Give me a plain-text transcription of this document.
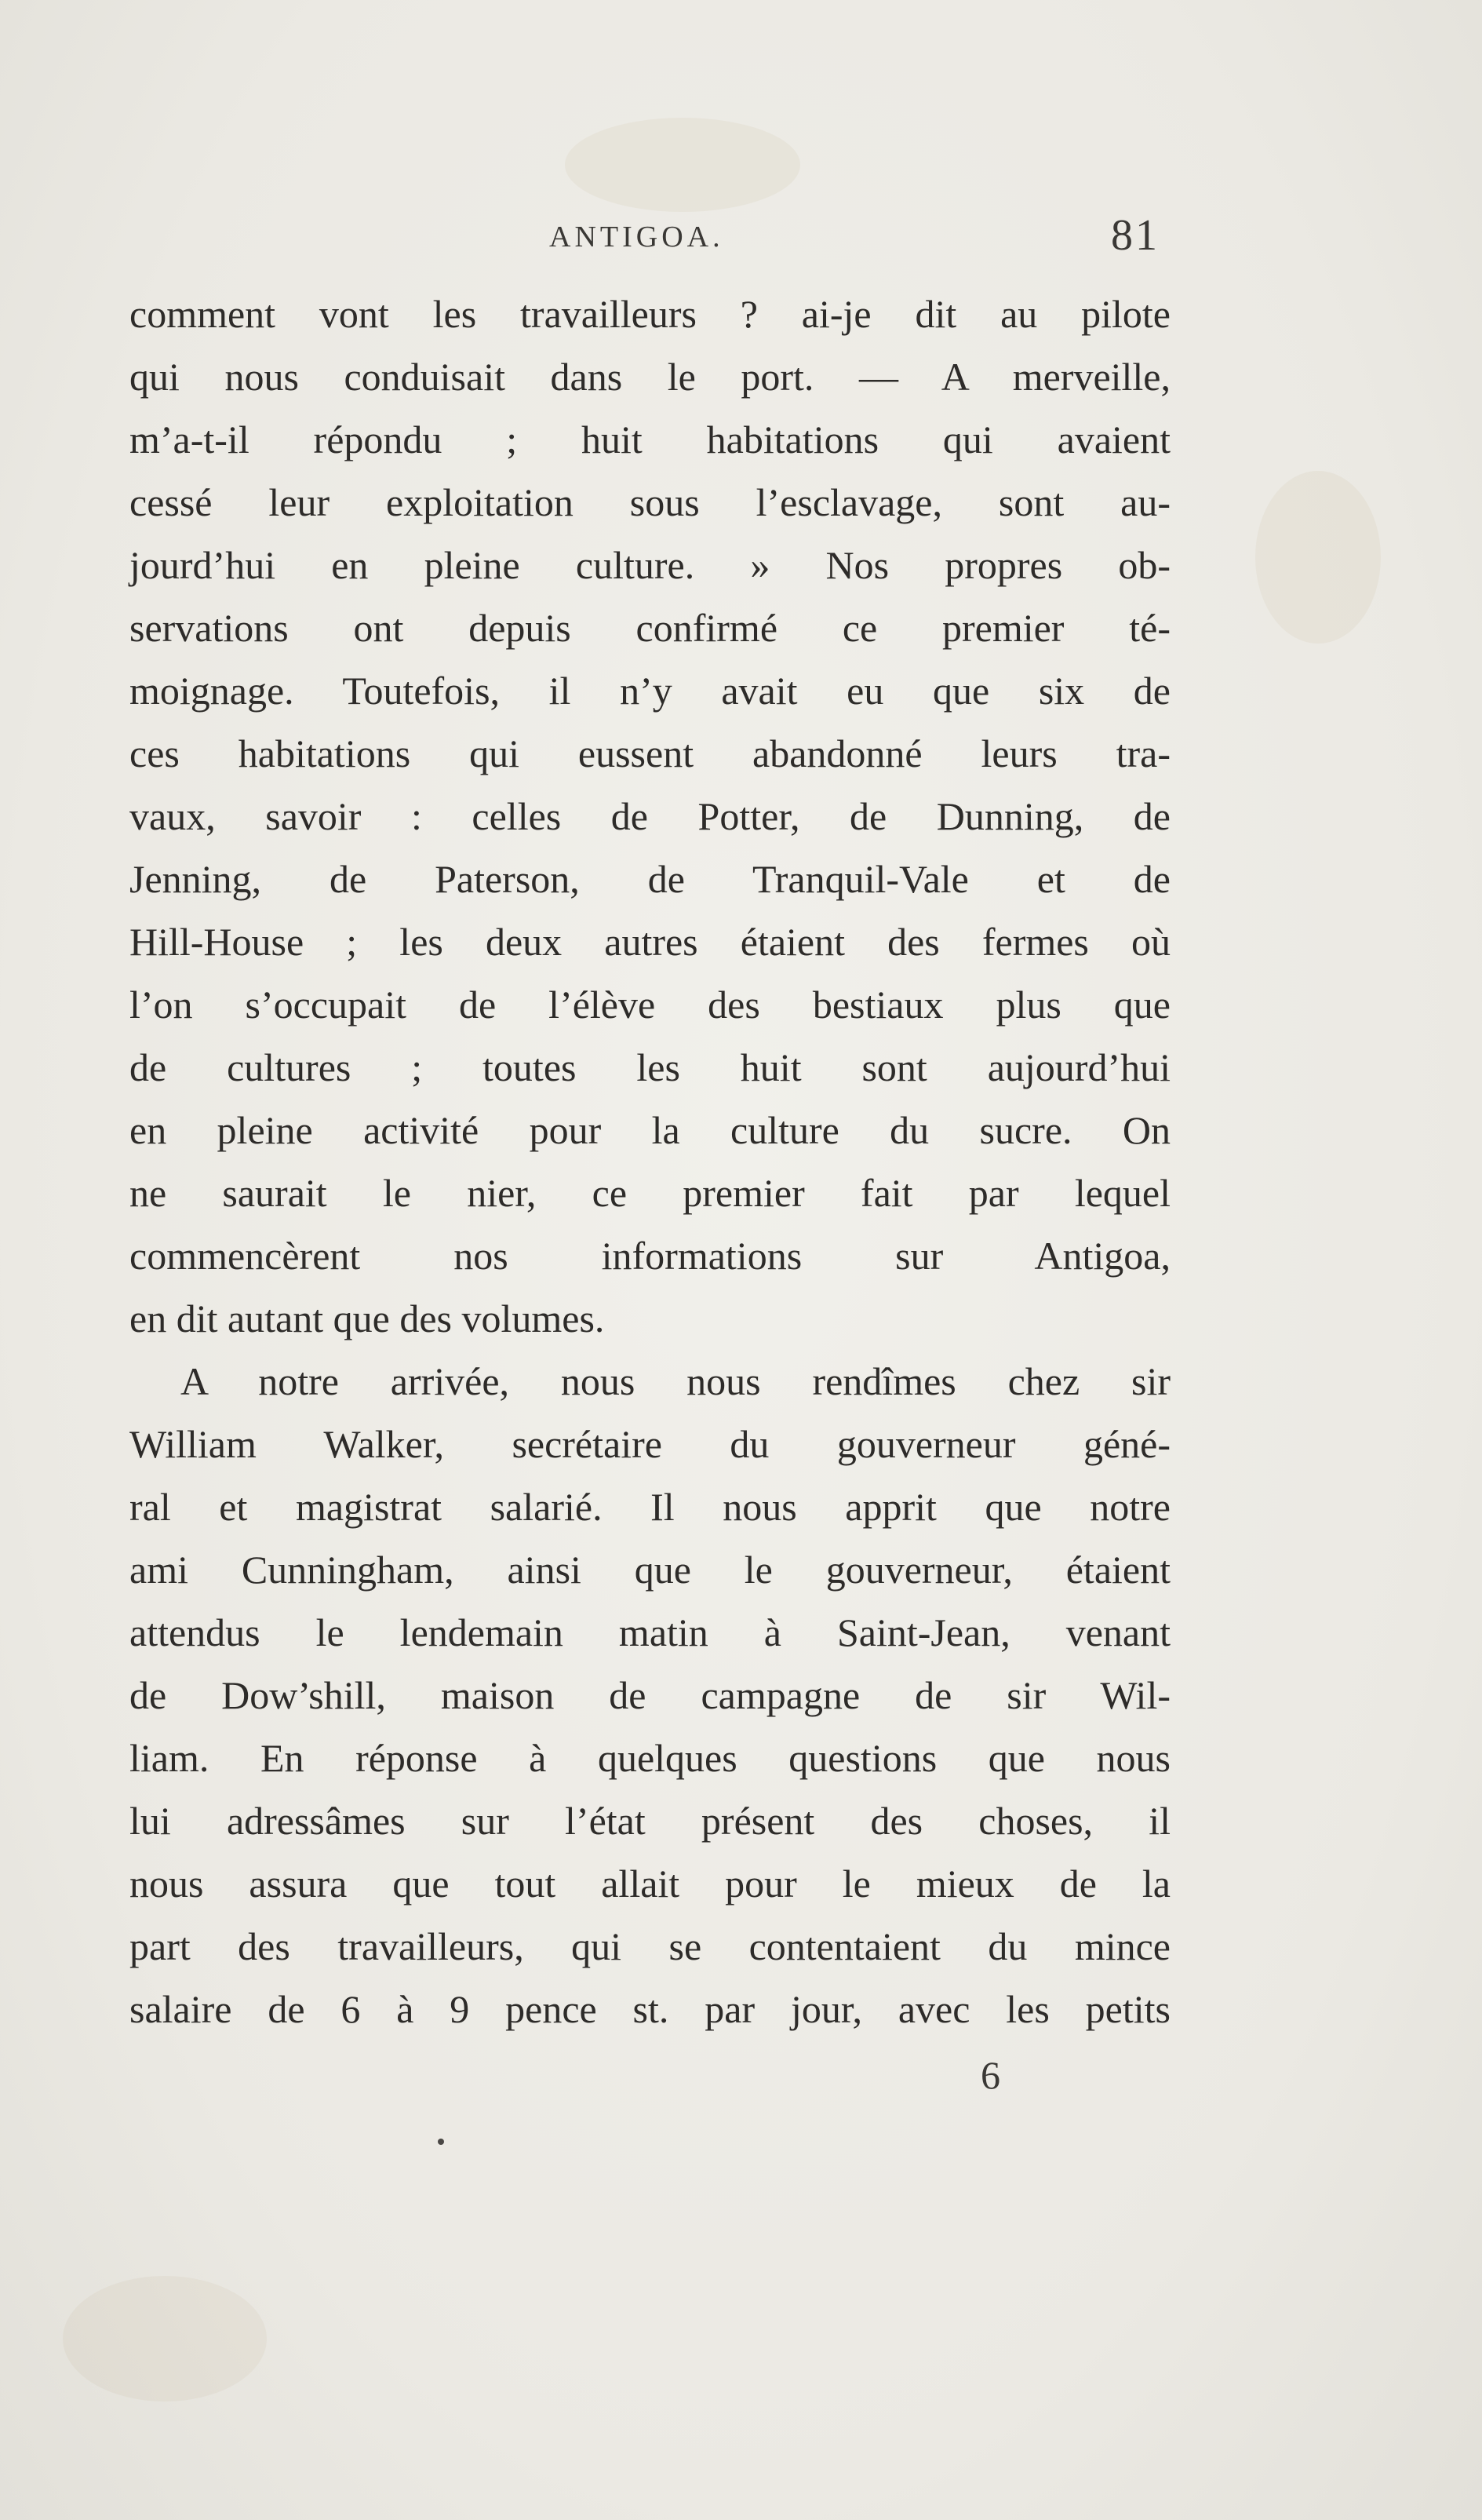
ANTIGOA.	81
comment vont les travailleurs ? ai-je dit au pilote
qui nous conduisait dans le port. — A merveille,
m’a-t-il répondu ; huit habitations qui avaient
cessé leur exploitation sous l’esclavage, sont au-
jourd’hui en pleine culture. » Nos propres ob-
servations ont depuis confirmé ce premier té-
moignage. Toutefois, il n’y avait eu que six de
ces habitations qui eussent abandonné leurs tra-
vaux, savoir : celles de Potter, de Dunning, de
Jenning, de Paterson, de Tranquil-Vale et de
Hill-House ; les deux autres étaient des fermes où
l’on s’occupait de l’élève des bestiaux plus que
de cultures ; toutes les huit sont aujourd’hui
en pleine activité pour la culture du sucre. On
ne saurait le nier, ce premier fait par lequel
commencèrent nos informations sur Antigoa,
en dit autant que des volumes.
A notre arrivée, nous nous rendîmes chez sir
William Walker, secrétaire du gouverneur géné-
ral et magistrat salarié. Il nous apprit que notre
ami Cunningham, ainsi que le gouverneur, étaient
attendus le lendemain matin à Saint-Jean, venant
de Dow’shill, maison de campagne de sir Wil-
liam. En réponse à quelques questions que nous
lui adressâmes sur l’état présent des choses, il
nous assura que tout allait pour le mieux de la
part des travailleurs, qui se contentaient du mince
salaire de 6 à 9 pence st. par jour, avec les petits
6
